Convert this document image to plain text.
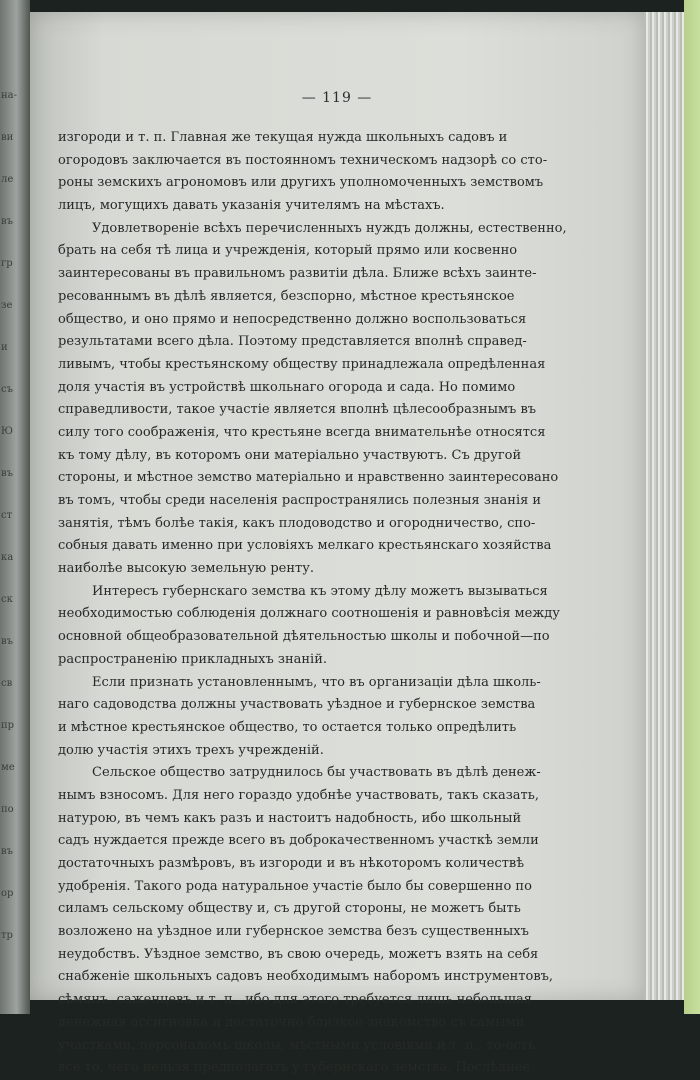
на-
ви
ле
въ
гр
зе
и
съ
Ю
въ
ст
ка
ск
въ
св
пр
ме
по
въ
ор
тр
— 119 —
изгороди и т. п. Главная же текущая нужда школьныхъ садовъ и
огородовъ заключается въ постоянномъ техническомъ надзорѣ со сто-
роны земскихъ агрономовъ или другихъ уполномоченныхъ земствомъ
лицъ, могущихъ давать указанія учителямъ на мѣстахъ.
Удовлетвореніе всѣхъ перечисленныхъ нуждъ должны, естественно,
брать на себя тѣ лица и учрежденія, который прямо или косвенно
заинтересованы въ правильномъ развитіи дѣла. Ближе всѣхъ заинте-
ресованнымъ въ дѣлѣ является, безспорно, мѣстное крестьянское
общество, и оно прямо и непосредственно должно воспользоваться
результатами всего дѣла. Поэтому представляется вполнѣ справед-
ливымъ, чтобы крестьянскому обществу принадлежала опредѣленная
доля участія въ устройствѣ школьнаго огорода и сада. Но помимо
справедливости, такое участіе является вполнѣ цѣлесообразнымъ въ
силу того соображенія, что крестьяне всегда внимательнѣе относятся
къ тому дѣлу, въ которомъ они матеріально участвуютъ. Съ другой
стороны, и мѣстное земство матеріально и нравственно заинтересовано
въ томъ, чтобы среди населенія распространялись полезныя знанія и
занятія, тѣмъ болѣе такія, какъ плодоводство и огородничество, спо-
собныя давать именно при условіяхъ мелкаго крестьянскаго хозяйства
наиболѣе высокую земельную ренту.
Интересъ губернскаго земства къ этому дѣлу можетъ вызываться
необходимостью соблюденія должнаго соотношенія и равновѣсія между
основной общеобразовательной дѣятельностью школы и побочной—по
распространенію прикладныхъ знаній.
Если признать установленнымъ, что въ организаціи дѣла школь-
наго садоводства должны участвовать уѣздное и губернское земства
и мѣстное крестьянское общество, то остается только опредѣлить
долю участія этихъ трехъ учрежденій.
Сельское общество затруднилось бы участвовать въ дѣлѣ денеж-
нымъ взносомъ. Для него гораздо удобнѣе участвовать, такъ сказать,
натурою, въ чемъ какъ разъ и настоитъ надобность, ибо школьный
садъ нуждается прежде всего въ доброкачественномъ участкѣ земли
достаточныхъ размѣровъ, въ изгороди и въ нѣкоторомъ количествѣ
удобренія. Такого рода натуральное участіе было бы совершенно по
силамъ сельскому обществу и, съ другой стороны, не можетъ быть
возложено на уѣздное или губернское земства безъ существенныхъ
неудобствъ. Уѣздное земство, въ свою очередь, можетъ взять на себя
снабженіе школьныхъ садовъ необходимымъ наборомъ инструментовъ,
сѣмянъ, саженцевъ и т. п., ибо для этого требуется лишь небольшая
денежная ассигновка и достаточно близкое знакомство съ самыми
участками, персоналомъ школы, мѣстными условіями и т. п., то-есть
все то, чего нельзя предполагать у губернскаго земства. Послѣднее
